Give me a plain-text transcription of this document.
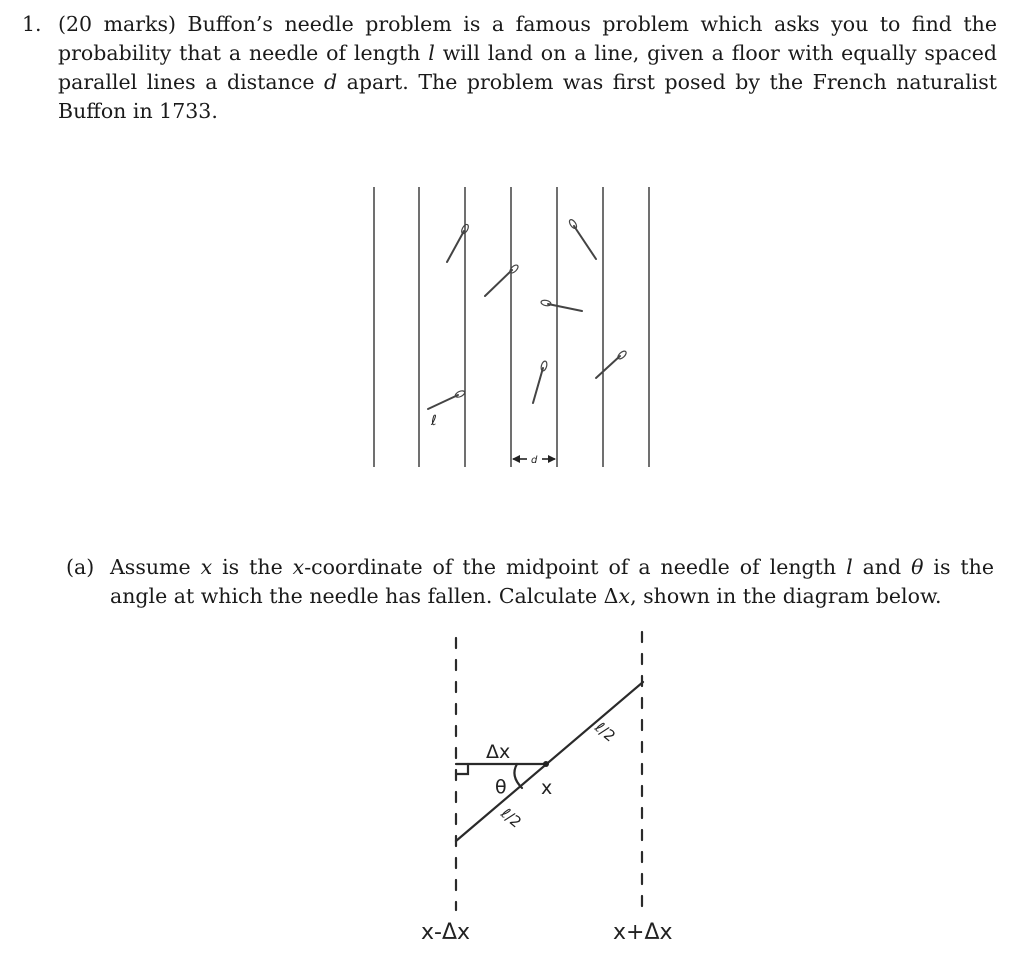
1. (20 marks) Buffon’s needle problem is a famous problem which asks you to find the probability that a needle of length l will land on a line, given a floor with equally spaced parallel lines a distance d apart. The problem was first posed by the French naturalist Buffon in 1733.
ℓ
d
(a) Assume x is the x-coordinate of the midpoint of a needle of length l and θ is the angle at which the needle has fallen. Calculate Δx, shown in the diagram below.
Δx
θ x
ℓ/2
ℓ/2
x-Δx	x+Δx
